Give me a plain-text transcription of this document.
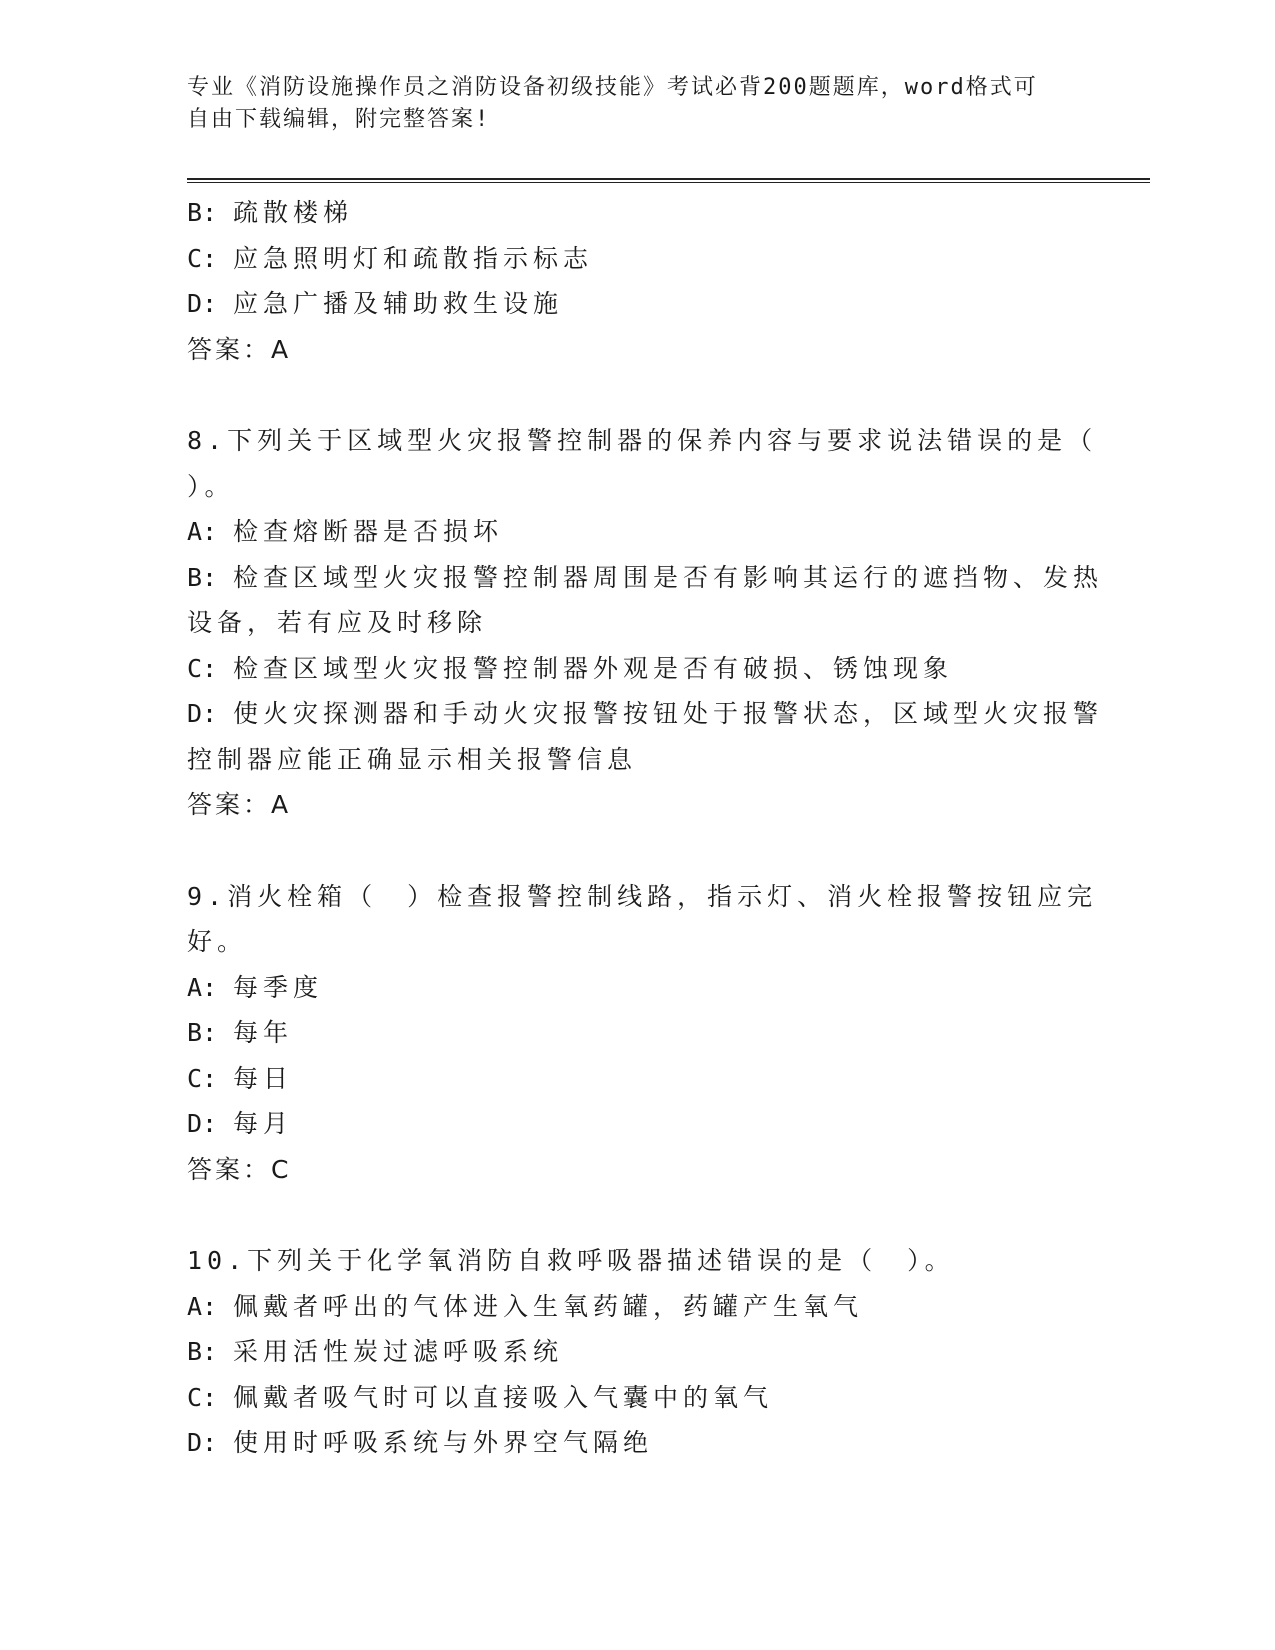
专业《消防设施操作员之消防设备初级技能》考试必背200题题库，word格式可
自由下载编辑，附完整答案!
B: 疏散楼梯
C: 应急照明灯和疏散指示标志
D: 应急广播及辅助救生设施
答案：A
8.下列关于区域型火灾报警控制器的保养内容与要求说法错误的是（
）。
A: 检查熔断器是否损坏
B: 检查区域型火灾报警控制器周围是否有影响其运行的遮挡物、发热
设备，若有应及时移除
C: 检查区域型火灾报警控制器外观是否有破损、锈蚀现象
D: 使火灾探测器和手动火灾报警按钮处于报警状态，区域型火灾报警
控制器应能正确显示相关报警信息
答案：A
9.消火栓箱（　）检查报警控制线路，指示灯、消火栓报警按钮应完
好。
A: 每季度
B: 每年
C: 每日
D: 每月
答案：C
10.下列关于化学氧消防自救呼吸器描述错误的是（　）。
A: 佩戴者呼出的气体进入生氧药罐，药罐产生氧气
B: 采用活性炭过滤呼吸系统
C: 佩戴者吸气时可以直接吸入气囊中的氧气
D: 使用时呼吸系统与外界空气隔绝
